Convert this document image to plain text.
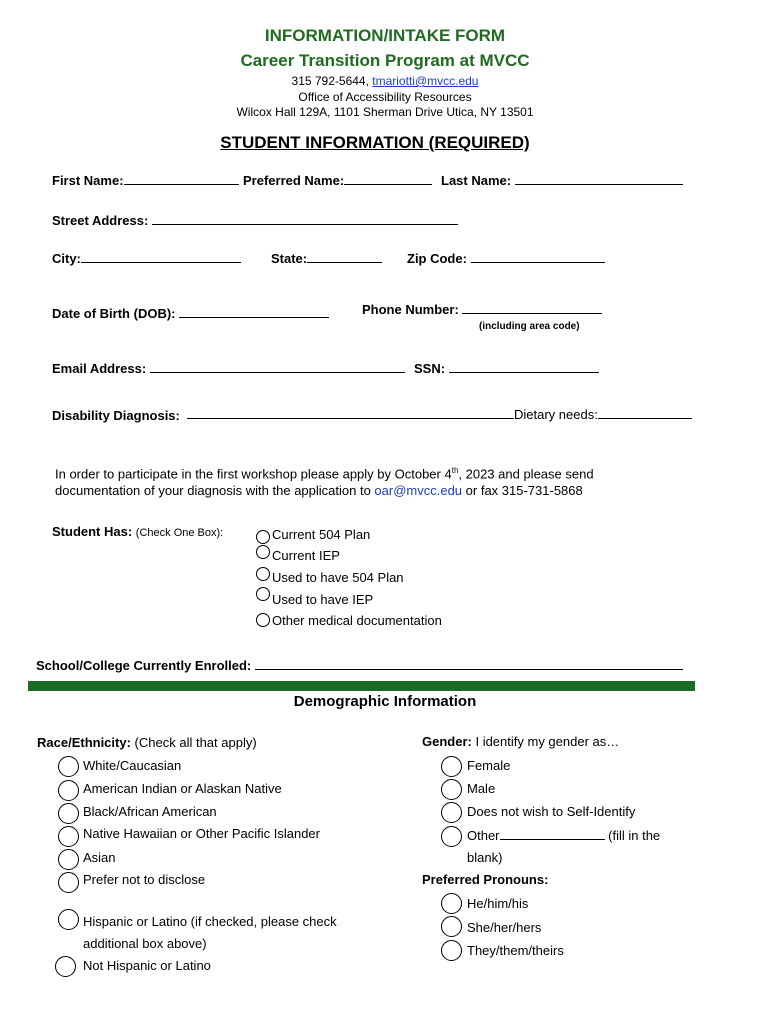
INFORMATION/INTAKE FORM
Career Transition Program at MVCC
315 792-5644, tmariotti@mvcc.edu
Office of Accessibility Resources
Wilcox Hall 129A, 1101 Sherman Drive Utica, NY 13501
STUDENT INFORMATION (REQUIRED)
First Name:	Preferred Name:	Last Name:
Street Address:
City:	State:	Zip Code:
Date of Birth (DOB):	Phone Number:
(including area code)
Email Address:	SSN:
Disability Diagnosis:	Dietary needs:
In order to participate in the first workshop please apply by October 4th, 2023 and please send
documentation of your diagnosis with the application to oar@mvcc.edu or fax 315-731-5868
Student Has: (Check One Box):	Current 504 Plan
Current IEP
Used to have 504 Plan
Used to have IEP
Other medical documentation
School/College Currently Enrolled:
Demographic Information
Race/Ethnicity: (Check all that apply)
White/Caucasian
American Indian or Alaskan Native
Black/African American
Native Hawaiian or Other Pacific Islander
Asian
Prefer not to disclose
Hispanic or Latino (if checked, please check
additional box above)
Not Hispanic or Latino
Gender: I identify my gender as…
Female
Male
Does not wish to Self-Identify
Other	(fill in the
blank)
Preferred Pronouns:
He/him/his
She/her/hers
They/them/theirs
